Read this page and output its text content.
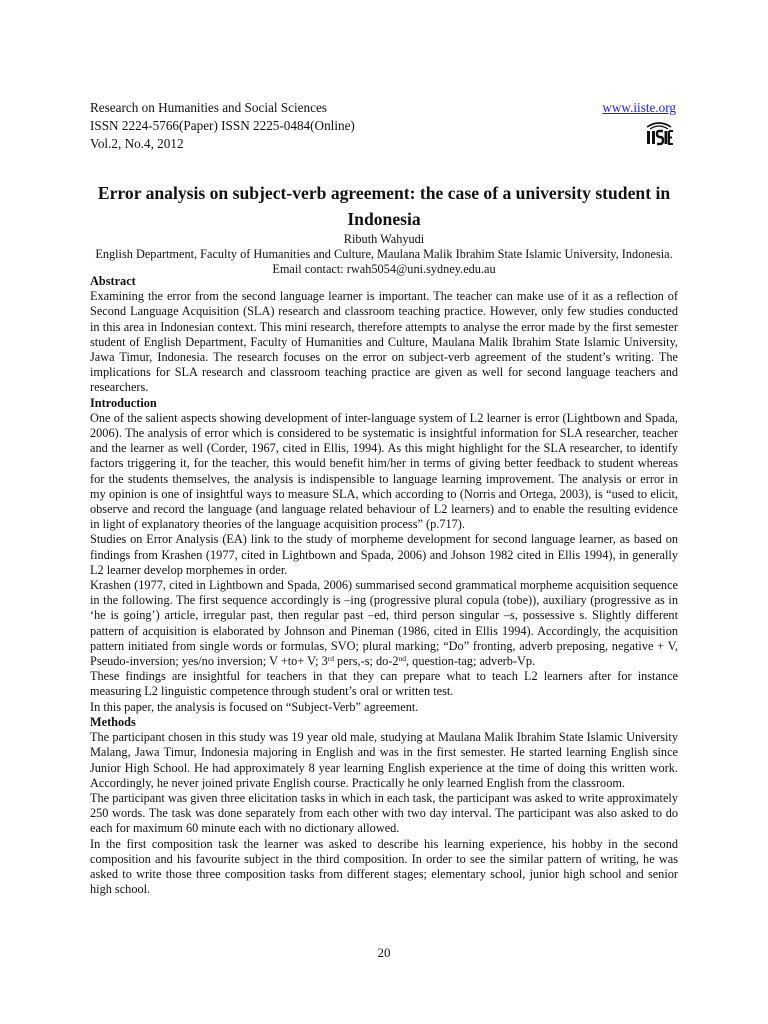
Research on Humanities and Social Sciences
ISSN 2224-5766(Paper) ISSN 2225-0484(Online)
Vol.2, No.4, 2012
www.iiste.org
Error analysis on subject-verb agreement: the case of a university student in Indonesia
Ributh Wahyudi
English Department, Faculty of Humanities and Culture, Maulana Malik Ibrahim State Islamic University, Indonesia.
Email contact: rwah5054@uni.sydney.edu.au
Abstract

Examining the error from the second language learner is important. The teacher can make use of it as a reflection of Second Language Acquisition (SLA) research and classroom teaching practice. However, only few studies conducted in this area in Indonesian context. This mini research, therefore attempts to analyse the error made by the first semester student of English Department, Faculty of Humanities and Culture, Maulana Malik Ibrahim State Islamic University, Jawa Timur, Indonesia. The research focuses on the error on subject-verb agreement of the student’s writing. The implications for SLA research and classroom teaching practice are given as well for second language teachers and researchers.

Introduction

One of the salient aspects showing development of inter-language system of L2 learner is error (Lightbown and Spada, 2006). The analysis of error which is considered to be systematic is insightful information for SLA researcher, teacher and the learner as well (Corder, 1967, cited in Ellis, 1994). As this might highlight for the SLA researcher, to identify factors triggering it, for the teacher, this would benefit him/her in terms of giving better feedback to student whereas for the students themselves, the analysis is indispensible to language learning improvement. The analysis or error in my opinion is one of insightful ways to measure SLA, which according to (Norris and Ortega, 2003), is “used to elicit, observe and record the language (and language related behaviour of L2 learners) and to enable the resulting evidence in light of explanatory theories of the language acquisition process” (p.717).

Studies on Error Analysis (EA) link to the study of morpheme development for second language learner, as based on findings from Krashen (1977, cited in Lightbown and Spada, 2006) and Johson 1982 cited in Ellis 1994), in generally L2 learner develop morphemes in order.

Krashen (1977, cited in Lightbown and Spada, 2006) summarised second grammatical morpheme acquisition sequence in the following. The first sequence accordingly is –ing (progressive plural copula (tobe)), auxiliary (progressive as in ‘he is going’) article, irregular past, then regular past –ed, third person singular –s, possessive s. Slightly different pattern of acquisition is elaborated by Johnson and Pineman (1986, cited in Ellis 1994). Accordingly, the acquisition pattern initiated from single words or formulas, SVO; plural marking; “Do” fronting, adverb preposing, negative + V, Pseudo-inversion; yes/no inversion; V +to+ V; 3rd pers,-s; do-2nd, question-tag; adverb-Vp.

These findings are insightful for teachers in that they can prepare what to teach L2 learners after for instance measuring L2 linguistic competence through student’s oral or written test.

In this paper, the analysis is focused on “Subject-Verb” agreement.

Methods

The participant chosen in this study was 19 year old male, studying at Maulana Malik Ibrahim State Islamic University Malang, Jawa Timur, Indonesia majoring in English and was in the first semester. He started learning English since Junior High School. He had approximately 8 year learning English experience at the time of doing this written work. Accordingly, he never joined private English course. Practically he only learned English from the classroom.

The participant was given three elicitation tasks in which in each task, the participant was asked to write approximately 250 words. The task was done separately from each other with two day interval. The participant was also asked to do each for maximum 60 minute each with no dictionary allowed.

In the first composition task the learner was asked to describe his learning experience, his hobby in the second composition and his favourite subject in the third composition. In order to see the similar pattern of writing, he was asked to write those three composition tasks from different stages; elementary school, junior high school and senior high school.

20
